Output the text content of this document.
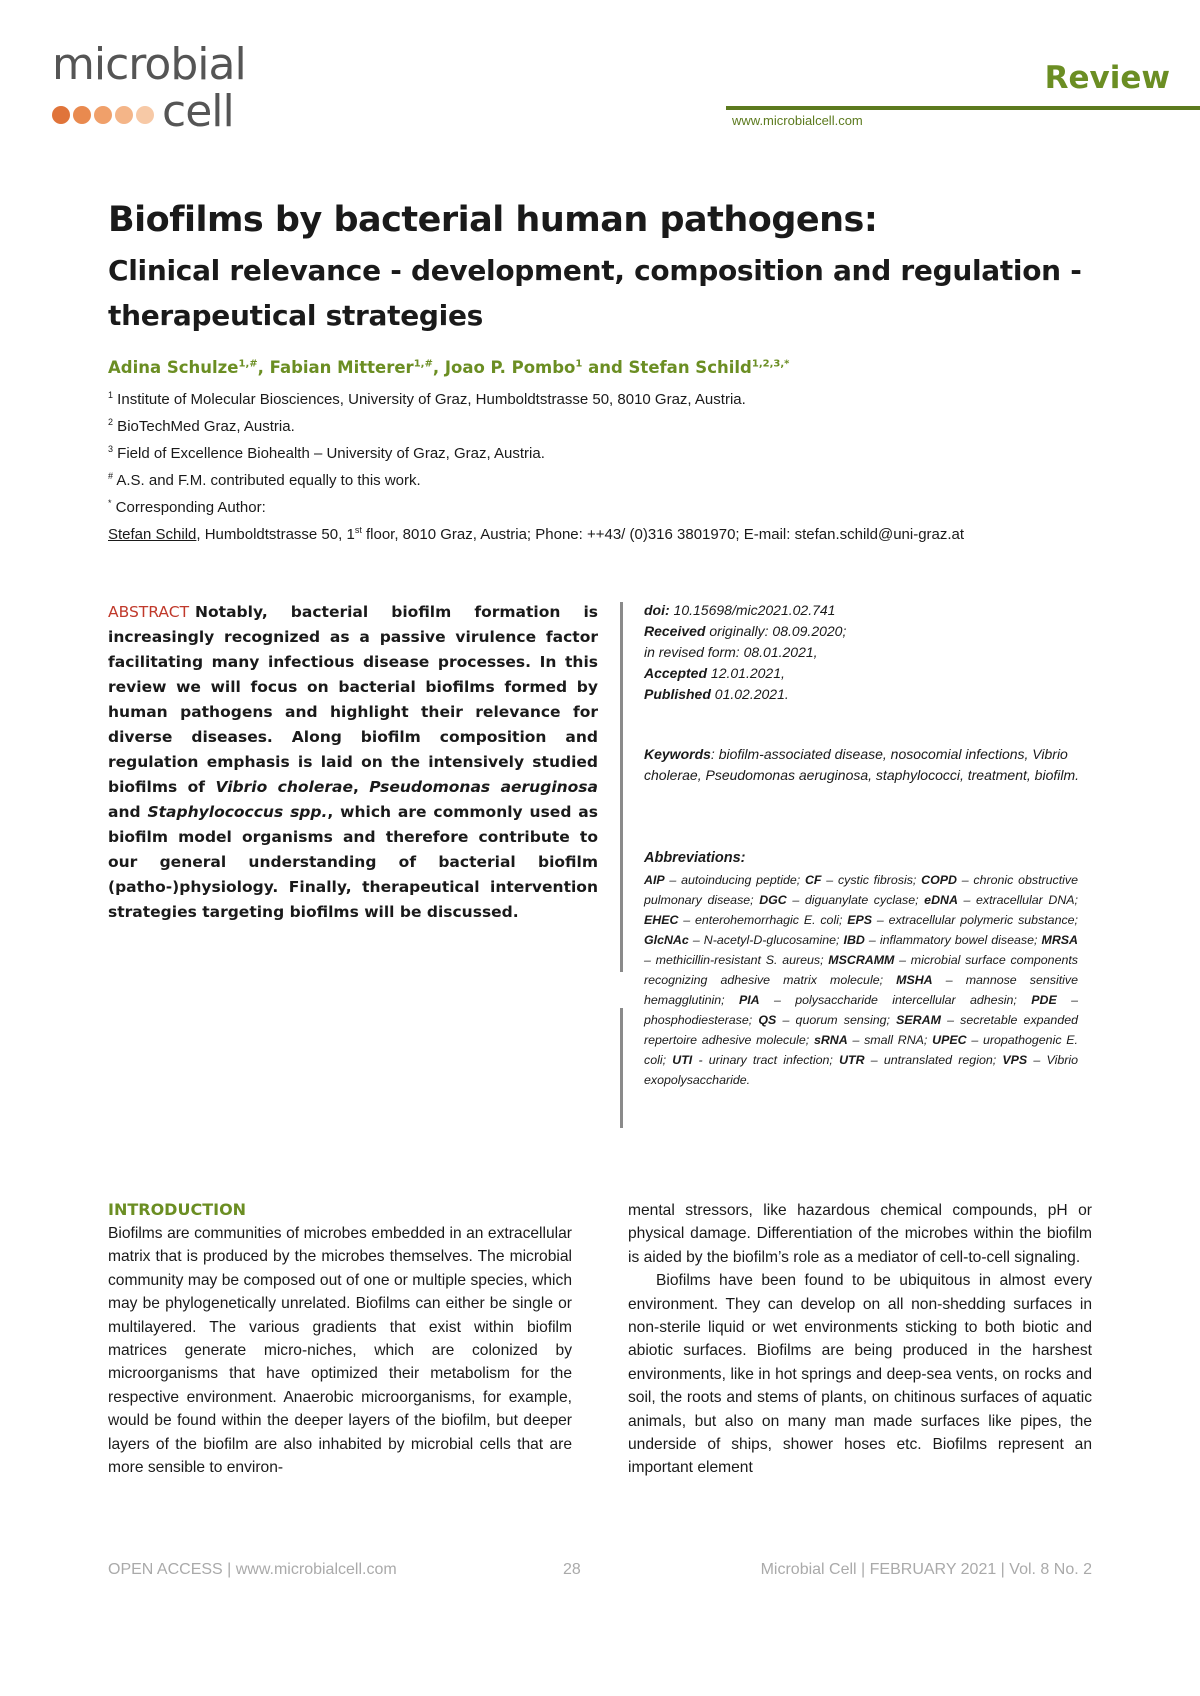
microbial
cell
Review
www.microbialcell.com
Biofilms by bacterial human pathogens:
Clinical relevance - development, composition and regulation -
therapeutical strategies
Adina Schulze$^{1,\#}$, Fabian Mitterer$^{1,\#}$, Joao P. Pombo$^1$ and Stefan Schild$^{1,2,3,*}$
$^1$ Institute of Molecular Biosciences, University of Graz, Humboldtstrasse 50, 8010 Graz, Austria.
$^2$ BioTechMed Graz, Austria.
$^3$ Field of Excellence Biohealth – University of Graz, Graz, Austria.
# A.S. and F.M. contributed equally to this work.
* Corresponding Author:
Stefan Schild, Humboldtstrasse 50, 1st floor, 8010 Graz, Austria; Phone: ++43/ (0)316 3801970; E-mail: stefan.schild@uni-graz.at
ABSTRACT Notably, bacterial biofilm formation is increasingly recognized as a passive virulence factor facilitating many infectious disease processes. In this review we will focus on bacterial biofilms formed by human pathogens and highlight their relevance for diverse diseases. Along biofilm composition and regulation emphasis is laid on the intensively studied biofilms of Vibrio cholerae, Pseudomonas aeruginosa and Staphylococcus spp., which are commonly used as biofilm model organisms and therefore contribute to our general understanding of bacterial biofilm (patho-)physiology. Finally, therapeutical intervention strategies targeting biofilms will be discussed.
doi: 10.15698/mic2021.02.741
Received originally: 08.09.2020;
in revised form: 08.01.2021,
Accepted 12.01.2021,
Published 01.02.2021.
Keywords: biofilm-associated disease, nosocomial infections, Vibrio cholerae, Pseudomonas aeruginosa, staphylococci, treatment, biofilm.
Abbreviations:
AIP – autoinducing peptide; CF – cystic fibrosis; COPD – chronic obstructive pulmonary disease; DGC – diguanylate cyclase; eDNA – extracellular DNA; EHEC – enterohemorrhagic E. coli; EPS – extracellular polymeric substance; GlcNAc – N-acetyl-D-glucosamine; IBD – inflammatory bowel disease; MRSA – methicillin-resistant S. aureus; MSCRAMM – microbial surface components recognizing adhesive matrix molecule; MSHA – mannose sensitive hemagglutinin; PIA – polysaccharide intercellular adhesin; PDE – phosphodiesterase; QS – quorum sensing; SERAM – secretable expanded repertoire adhesive molecule; sRNA – small RNA; UPEC – uropathogenic E. coli; UTI - urinary tract infection; UTR – untranslated region; VPS – Vibrio exopolysaccharide.
INTRODUCTION

Biofilms are communities of microbes embedded in an extracellular matrix that is produced by the microbes themselves. The microbial community may be composed out of one or multiple species, which may be phylogenetically unrelated. Biofilms can either be single or multilayered. The various gradients that exist within biofilm matrices generate micro-niches, which are colonized by microorganisms that have optimized their metabolism for the respective environment. Anaerobic microorganisms, for example, would be found within the deeper layers of the biofilm, but deeper layers of the biofilm are also inhabited by microbial cells that are more sensible to environ-

mental stressors, like hazardous chemical compounds, pH or physical damage. Differentiation of the microbes within the biofilm is aided by the biofilm’s role as a mediator of cell-to-cell signaling.

Biofilms have been found to be ubiquitous in almost every environment. They can develop on all non-shedding surfaces in non-sterile liquid or wet environments sticking to both biotic and abiotic surfaces. Biofilms are being produced in the harshest environments, like in hot springs and deep-sea vents, on rocks and soil, the roots and stems of plants, on chitinous surfaces of aquatic animals, but also on many man made surfaces like pipes, the underside of ships, shower hoses etc. Biofilms represent an important element

OPEN ACCESS | www.microbialcell.com	28	Microbial Cell | FEBRUARY 2021 | Vol. 8 No. 2
